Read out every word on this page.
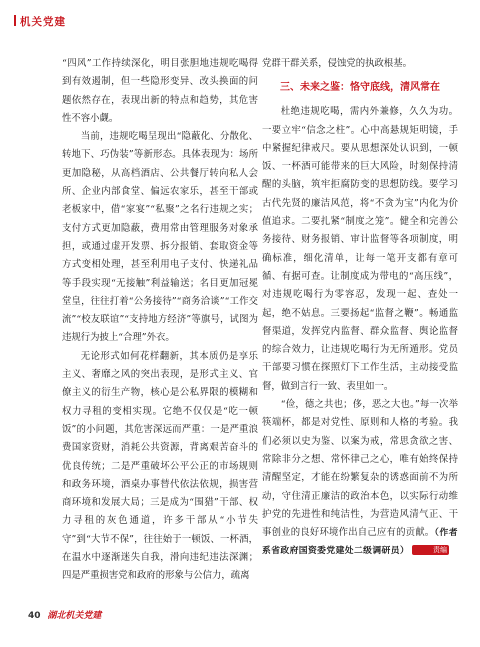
机关党建

“四风”工作持续深化，明目张胆地违规吃喝得到有效遏制，但一些隐形变异、改头换面的问题依然存在，表现出新的特点和趋势，其危害性不容小觑。

当前，违规吃喝呈现出“隐蔽化、分散化、转地下、巧伪装”等新形态。具体表现为：场所更加隐秘，从高档酒店、公共餐厅转向私人会所、企业内部食堂、偏远农家乐，甚至干部或老板家中，借“家宴”“私聚”之名行违规之实；支付方式更加隐蔽，费用常由管理服务对象承担，或通过虚开发票、拆分报销、套取资金等方式变相处理，甚至利用电子支付、快递礼品等手段实现“无接触”利益输送；名目更加冠冕堂皇，往往打着“公务接待”“商务洽谈”“工作交流”“校友联谊”“支持地方经济”等旗号，试图为违规行为披上“合理”外衣。

无论形式如何花样翻新，其本质仍是享乐主义、奢靡之风的突出表现，是形式主义、官僚主义的衍生产物，核心是公私界限的模糊和权力寻租的变相实现。它绝不仅仅是“吃一顿饭”的小问题，其危害深远而严重：一是严重浪费国家资财，消耗公共资源，背离艰苦奋斗的优良传统；二是严重破坏公平公正的市场规则和政务环境，酒桌办事替代依法依规，损害营商环境和发展大局；三是成为“围猎”干部、权力寻租的灰色通道，许多干部从“小节失守”到“大节不保”，往往始于一顿饭、一杯酒，在温水中逐渐迷失自我，滑向违纪违法深渊；四是严重损害党和政府的形象与公信力，疏离

党群干群关系，侵蚀党的执政根基。

三、未来之鉴：恪守底线，清风常在

杜绝违规吃喝，需内外兼修，久久为功。一要立牢“信念之柱”。心中高悬规矩明镜，手中紧握纪律戒尺。要从思想深处认识到，一顿饭、一杯酒可能带来的巨大风险，时刻保持清醒的头脑，筑牢拒腐防变的思想防线。要学习古代先贤的廉洁风范，将“不贪为宝”内化为价值追求。二要扎紧“制度之笼”。健全和完善公务接待、财务报销、审计监督等各项制度，明确标准，细化清单，让每一笔开支都有章可循、有据可查。让制度成为带电的“高压线”，对违规吃喝行为零容忍，发现一起、查处一起，绝不姑息。三要扬起“监督之鞭”。畅通监督渠道，发挥党内监督、群众监督、舆论监督的综合效力，让违规吃喝行为无所遁形。党员干部要习惯在探照灯下工作生活，主动接受监督，做到言行一致、表里如一。

“俭，德之共也；侈，恶之大也。”每一次举筷端杯，都是对党性、原则和人格的考验。我们必须以史为鉴、以案为戒，常思贪欲之害、常除非分之想、常怀律己之心，唯有始终保持清醒坚定，才能在纷繁复杂的诱惑面前不为所动，守住清正廉洁的政治本色，以实际行动维护党的先进性和纯洁性，为营造风清气正、干事创业的良好环境作出自己应有的贡献。（作者系省政府国资委党建处二级调研员）	责编

40 湖北机关党建
